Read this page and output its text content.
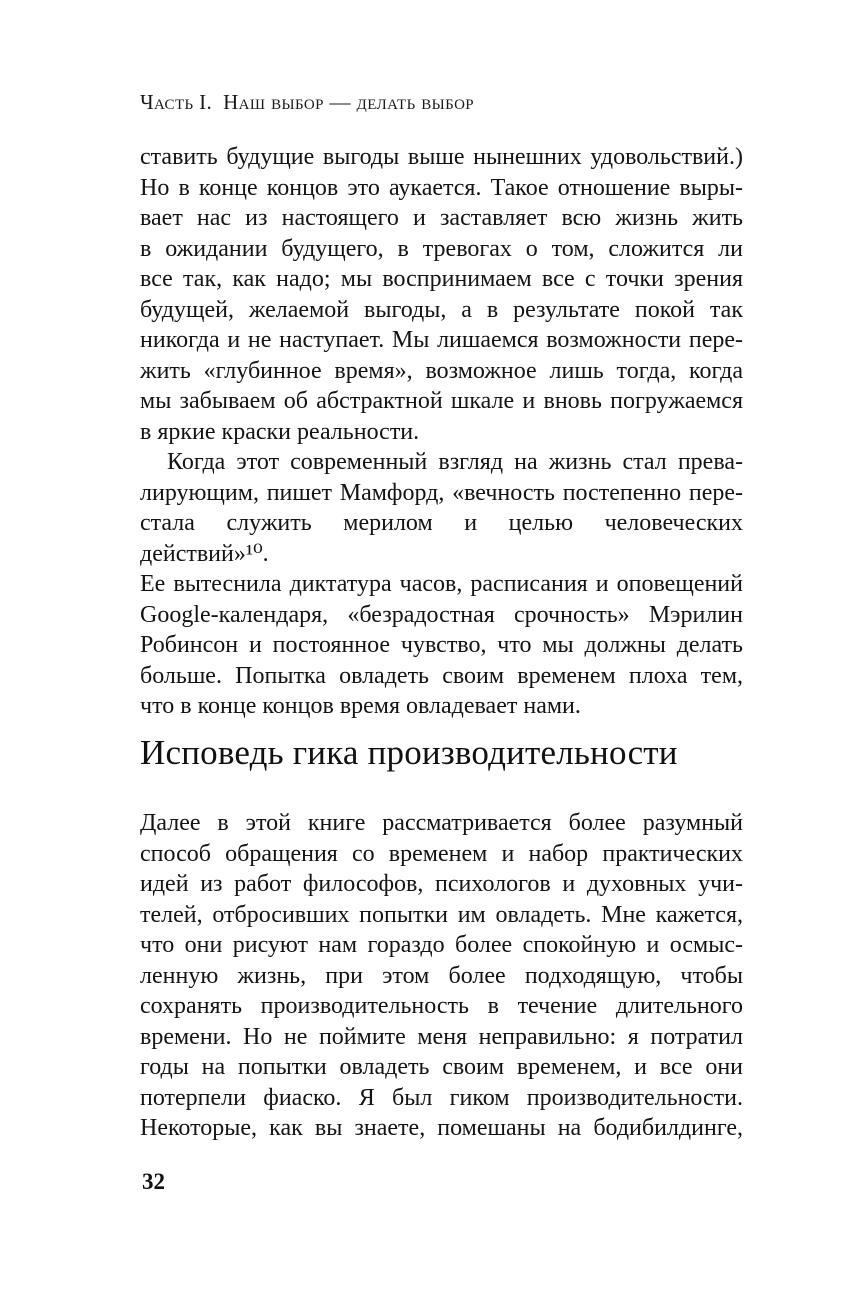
Часть I. Наш выбор — делать выбор
ставить будущие выгоды выше нынешних удовольствий.)
Но в конце концов это аукается. Такое отношение выры-
вает нас из настоящего и заставляет всю жизнь жить
в ожидании будущего, в тревогах о том, сложится ли
все так, как надо; мы воспринимаем все с точки зрения
будущей, желаемой выгоды, а в результате покой так
никогда и не наступает. Мы лишаемся возможности пере-
жить «глубинное время», возможное лишь тогда, когда
мы забываем об абстрактной шкале и вновь погружаемся
в яркие краски реальности.
Когда этот современный взгляд на жизнь стал прева-
лирующим, пишет Мамфорд, «вечность постепенно пере-
стала служить мерилом и целью человеческих действий»¹⁰.
Ее вытеснила диктатура часов, расписания и оповещений
Google-календаря, «безрадостная срочность» Мэрилин
Робинсон и постоянное чувство, что мы должны делать
больше. Попытка овладеть своим временем плоха тем,
что в конце концов время овладевает нами.
Исповедь гика производительности
Далее в этой книге рассматривается более разумный
способ обращения со временем и набор практических
идей из работ философов, психологов и духовных учи-
телей, отбросивших попытки им овладеть. Мне кажется,
что они рисуют нам гораздо более спокойную и осмыс-
ленную жизнь, при этом более подходящую, чтобы
сохранять производительность в течение длительного
времени. Но не поймите меня неправильно: я потратил
годы на попытки овладеть своим временем, и все они
потерпели фиаско. Я был гиком производительности.
Некоторые, как вы знаете, помешаны на бодибилдинге,
32
